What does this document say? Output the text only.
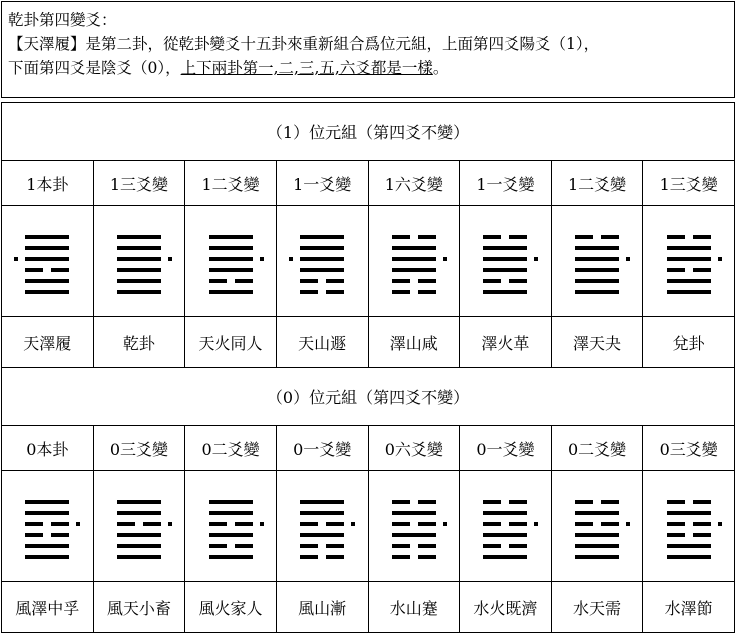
乾卦第四變爻：
【天澤履】是第二卦，從乾卦變爻十五卦來重新組合爲位元組，上面第四爻陽爻（1），
下面第四爻是陰爻（0），上下兩卦第一,二,三,五,六爻都是一樣。
（1）位元組（第四爻不變）							
1本卦	1三爻變	1二爻變	1一爻變	1六爻變	1一爻變	1二爻變	1三爻變

天澤履	乾卦	天火同人	天山遯	澤山咸	澤火革	澤天夬	兌卦
（0）位元組（第四爻不變）							
0本卦	0三爻變	0二爻變	0一爻變	0六爻變	0一爻變	0二爻變	0三爻變

風澤中孚	風天小畜	風火家人	風山漸	水山蹇	水火既濟	水天需	水澤節
